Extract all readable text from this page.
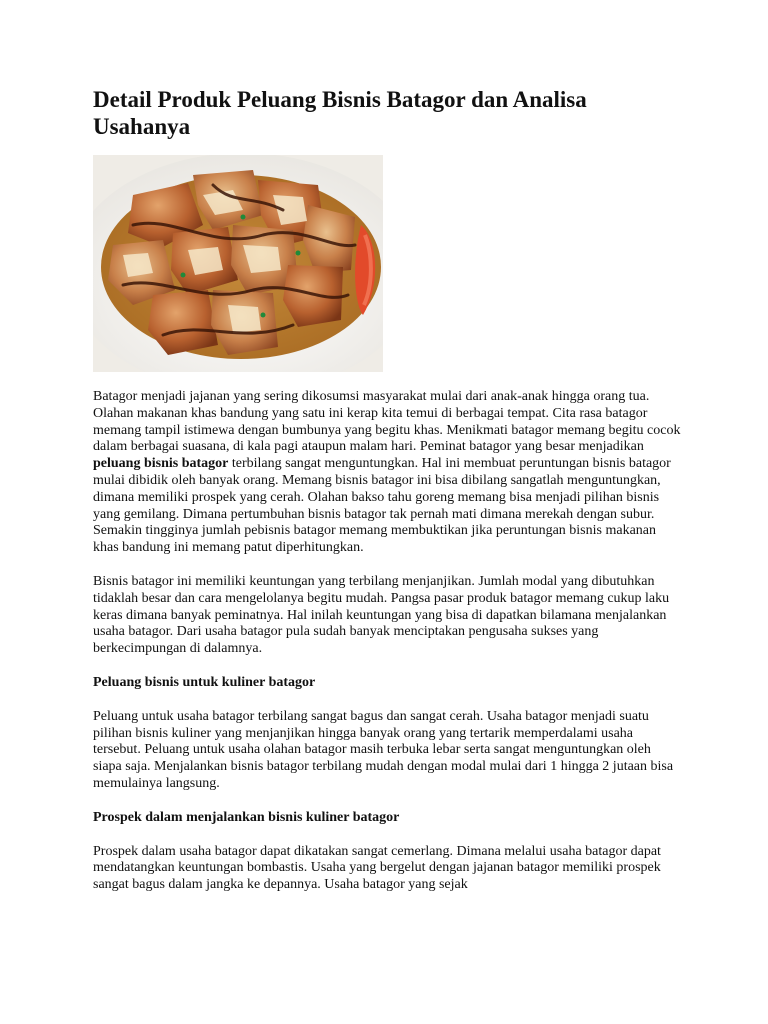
Detail Produk Peluang Bisnis Batagor dan Analisa Usahanya

Batagor menjadi jajanan yang sering dikosumsi masyarakat mulai dari anak-anak hingga orang tua. Olahan makanan khas bandung yang satu ini kerap kita temui di berbagai tempat. Cita rasa batagor memang tampil istimewa dengan bumbunya yang begitu khas. Menikmati batagor memang begitu cocok dalam berbagai suasana, di kala pagi ataupun malam hari. Peminat batagor yang besar menjadikan peluang bisnis batagor terbilang sangat menguntungkan. Hal ini membuat peruntungan bisnis batagor mulai dibidik oleh banyak orang. Memang bisnis batagor ini bisa dibilang sangatlah menguntungkan, dimana memiliki prospek yang cerah. Olahan bakso tahu goreng memang bisa menjadi pilihan bisnis yang gemilang. Dimana pertumbuhan bisnis batagor tak pernah mati dimana merekah dengan subur. Semakin tingginya jumlah pebisnis batagor memang membuktikan jika peruntungan bisnis makanan khas bandung ini memang patut diperhitungkan.

Bisnis batagor ini memiliki keuntungan yang terbilang menjanjikan. Jumlah modal yang dibutuhkan tidaklah besar dan cara mengelolanya begitu mudah. Pangsa pasar produk batagor memang cukup laku keras dimana banyak peminatnya. Hal inilah keuntungan yang bisa di dapatkan bilamana menjalankan usaha batagor. Dari usaha batagor pula sudah banyak menciptakan pengusaha sukses yang berkecimpungan di dalamnya.

Peluang bisnis untuk kuliner batagor

Peluang untuk usaha batagor terbilang sangat bagus dan sangat cerah. Usaha batagor menjadi suatu pilihan bisnis kuliner yang menjanjikan hingga banyak orang yang tertarik memperdalami usaha tersebut. Peluang untuk usaha olahan batagor masih terbuka lebar serta sangat menguntungkan oleh siapa saja. Menjalankan bisnis batagor terbilang mudah dengan modal mulai dari 1 hingga 2 jutaan bisa memulainya langsung.

Prospek dalam menjalankan bisnis kuliner batagor

Prospek dalam usaha batagor dapat dikatakan sangat cemerlang. Dimana melalui usaha batagor dapat mendatangkan keuntungan bombastis. Usaha yang bergelut dengan jajanan batagor memiliki prospek sangat bagus dalam jangka ke depannya. Usaha batagor yang sejak
